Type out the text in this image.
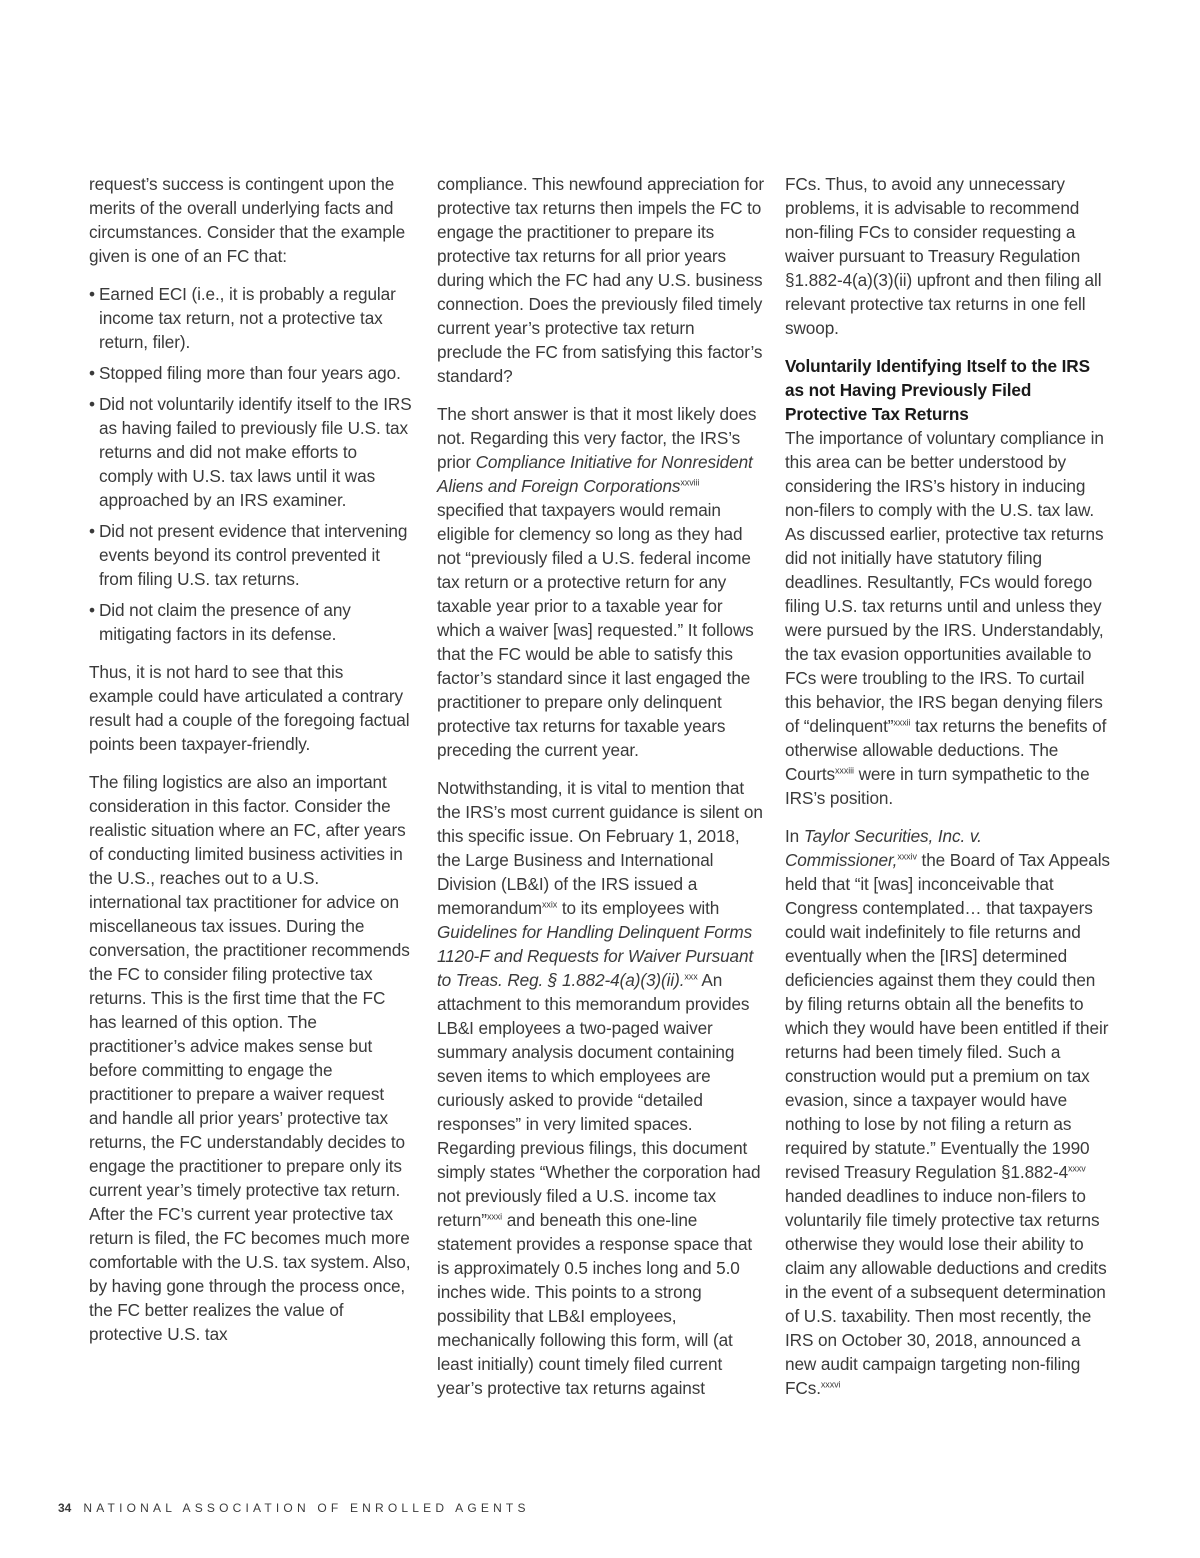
request’s success is contingent upon the merits of the overall underlying facts and circumstances. Consider that the example given is one of an FC that:

• Earned ECI (i.e., it is probably a regular income tax return, not a protective tax return, filer).
• Stopped filing more than four years ago.
• Did not voluntarily identify itself to the IRS as having failed to previously file U.S. tax returns and did not make efforts to comply with U.S. tax laws until it was approached by an IRS examiner.
• Did not present evidence that intervening events beyond its control prevented it from filing U.S. tax returns.
• Did not claim the presence of any mitigating factors in its defense.

Thus, it is not hard to see that this example could have articulated a contrary result had a couple of the foregoing factual points been taxpayer-friendly.

The filing logistics are also an important consideration in this factor. Consider the realistic situation where an FC, after years of conducting limited business activities in the U.S., reaches out to a U.S. international tax practitioner for advice on miscellaneous tax issues. During the conversation, the practitioner recommends the FC to consider filing protective tax returns. This is the first time that the FC has learned of this option. The practitioner’s advice makes sense but before committing to engage the practitioner to prepare a waiver request and handle all prior years’ protective tax returns, the FC understandably decides to engage the practitioner to prepare only its current year’s timely protective tax return. After the FC’s current year protective tax return is filed, the FC becomes much more comfortable with the U.S. tax system. Also, by having gone through the process once, the FC better realizes the value of protective U.S. tax

compliance. This newfound appreciation for protective tax returns then impels the FC to engage the practitioner to prepare its protective tax returns for all prior years during which the FC had any U.S. business connection. Does the previously filed timely current year’s protective tax return preclude the FC from satisfying this factor’s standard?

The short answer is that it most likely does not. Regarding this very factor, the IRS’s prior Compliance Initiative for Nonresident Aliens and Foreign Corporations$^{xxviii}$ specified that taxpayers would remain eligible for clemency so long as they had not “previously filed a U.S. federal income tax return or a protective return for any taxable year prior to a taxable year for which a waiver [was] requested.” It follows that the FC would be able to satisfy this factor’s standard since it last engaged the practitioner to prepare only delinquent protective tax returns for taxable years preceding the current year.

Notwithstanding, it is vital to mention that the IRS’s most current guidance is silent on this specific issue. On February 1, 2018, the Large Business and International Division (LB&I) of the IRS issued a memorandum$^{xxix}$ to its employees with Guidelines for Handling Delinquent Forms 1120-F and Requests for Waiver Pursuant to Treas. Reg. § 1.882-4(a)(3)(ii).$^{xxx}$ An attachment to this memorandum provides LB&I employees a two-paged waiver summary analysis document containing seven items to which employees are curiously asked to provide “detailed responses” in very limited spaces. Regarding previous filings, this document simply states “Whether the corporation had not previously filed a U.S. income tax return”$^{xxxi}$ and beneath this one-line statement provides a response space that is approximately 0.5 inches long and 5.0 inches wide. This points to a strong possibility that LB&I employees, mechanically following this form, will (at least initially) count timely filed current year’s protective tax returns against

FCs. Thus, to avoid any unnecessary problems, it is advisable to recommend non-filing FCs to consider requesting a waiver pursuant to Treasury Regulation §1.882-4(a)(3)(ii) upfront and then filing all relevant protective tax returns in one fell swoop.

Voluntarily Identifying Itself to the IRS as not Having Previously Filed Protective Tax Returns

The importance of voluntary compliance in this area can be better understood by considering the IRS’s history in inducing non-filers to comply with the U.S. tax law. As discussed earlier, protective tax returns did not initially have statutory filing deadlines. Resultantly, FCs would forego filing U.S. tax returns until and unless they were pursued by the IRS. Understandably, the tax evasion opportunities available to FCs were troubling to the IRS. To curtail this behavior, the IRS began denying filers of “delinquent”$^{xxxii}$ tax returns the benefits of otherwise allowable deductions. The Courts$^{xxxiii}$ were in turn sympathetic to the IRS’s position.

In Taylor Securities, Inc. v. Commissioner,$^{xxxiv}$ the Board of Tax Appeals held that “it [was] inconceivable that Congress contemplated… that taxpayers could wait indefinitely to file returns and eventually when the [IRS] determined deficiencies against them they could then by filing returns obtain all the benefits to which they would have been entitled if their returns had been timely filed. Such a construction would put a premium on tax evasion, since a taxpayer would have nothing to lose by not filing a return as required by statute.” Eventually the 1990 revised Treasury Regulation §1.882-4$^{xxxv}$ handed deadlines to induce non-filers to voluntarily file timely protective tax returns otherwise they would lose their ability to claim any allowable deductions and credits in the event of a subsequent determination of U.S. taxability. Then most recently, the IRS on October 30, 2018, announced a new audit campaign targeting non-filing FCs.$^{xxxvi}$

34 NATIONAL ASSOCIATION OF ENROLLED AGENTS
